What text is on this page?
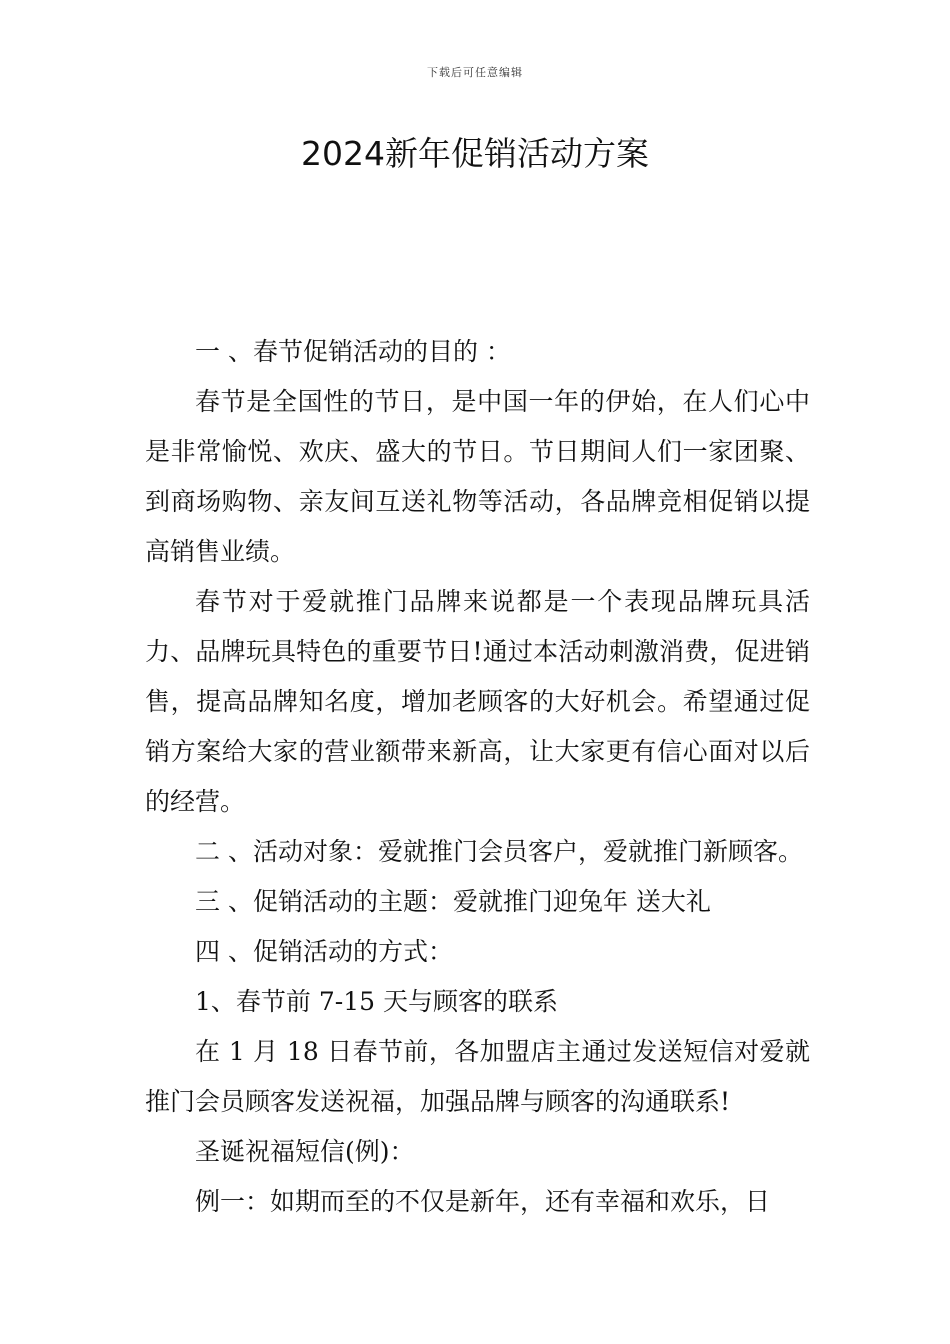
下载后可任意编辑
2024新年促销活动方案

一 、春节促销活动的目的 ：

春节是全国性的节日，是中国一年的伊始，在人们心中是非常愉悦、欢庆、盛大的节日。节日期间人们一家团聚、到商场购物、亲友间互送礼物等活动，各品牌竞相促销以提高销售业绩。

春节对于爱就推门品牌来说都是一个表现品牌玩具活力、品牌玩具特色的重要节日!通过本活动刺激消费，促进销售，提高品牌知名度，增加老顾客的大好机会。希望通过促销方案给大家的营业额带来新高，让大家更有信心面对以后的经营。

二 、活动对象：爱就推门会员客户，爱就推门新顾客。

三 、促销活动的主题：爱就推门迎兔年 送大礼

四 、促销活动的方式：

1、春节前 7-15 天与顾客的联系

在 1 月 18 日春节前，各加盟店主通过发送短信对爱就推门会员顾客发送祝福，加强品牌与顾客的沟通联系!

圣诞祝福短信(例)：

例一：如期而至的不仅是新年，还有幸福和欢乐，日
